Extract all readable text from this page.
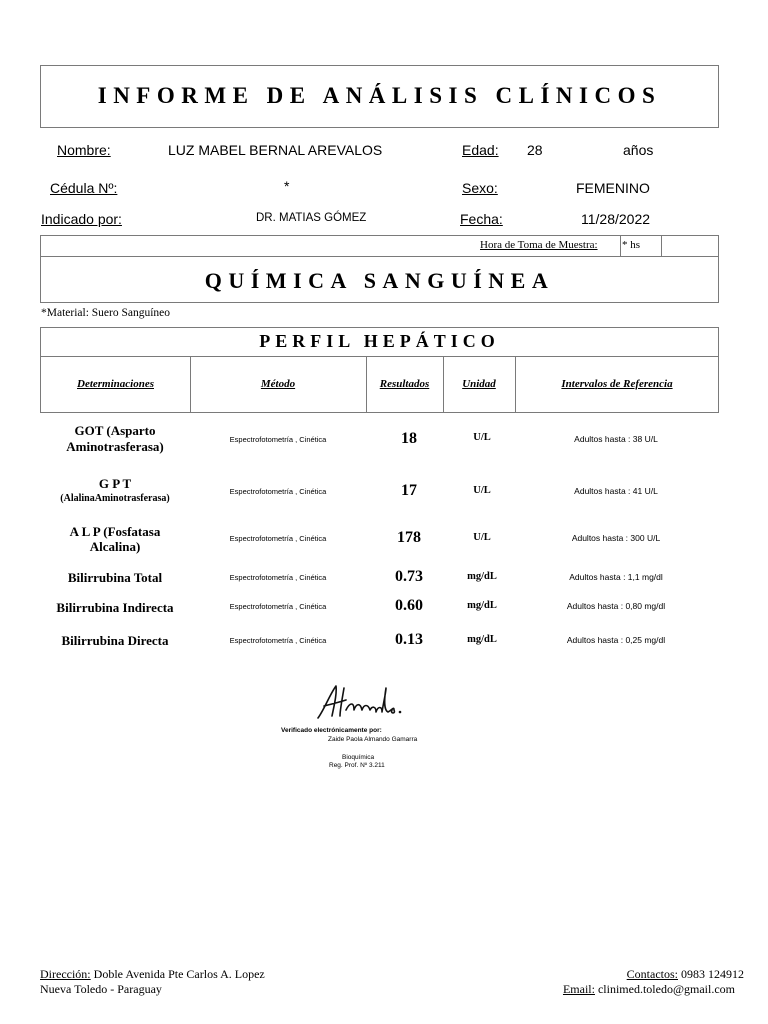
INFORME DE ANÁLISIS CLÍNICOS
Nombre:	LUZ MABEL BERNAL AREVALOS	Edad: 28	años
Cédula Nº:	*	Sexo:	FEMENINO
Indicado por:	DR. MATIAS GÓMEZ	Fecha:	11/28/2022
Hora de Toma de Muestra: * hs
QUÍMICA SANGUÍNEA
*Material: Suero Sanguíneo
PERFIL HEPÁTICO
Determinaciones	Método	Resultados	Unidad	Intervalos de Referencia
GOT (Asparto
Aminotrasferasa)	Espectrofotometría , Cinética	18	U/L	Adultos hasta : 38 U/L
G P T
(AlalinaAminotrasferasa)
Espectrofotometría , Cinética	17	U/L	Adultos hasta : 41 U/L
A L P (Fosfatasa
Alcalina)
Espectrofotometría , Cinética	178	U/L	Adultos hasta : 300 U/L
Bilirrubina Total	Espectrofotometría , Cinética	0.73	mg/dL	Adultos hasta : 1,1 mg/dl
Bilirrubina Indirecta	Espectrofotometría , Cinética	0.60	mg/dL	Adultos hasta : 0,80 mg/dl
Bilirrubina Directa	Espectrofotometría , Cinética	0.13	mg/dL	Adultos hasta : 0,25 mg/dl
Verificado electrónicamente por:
Zaide Paola Almando Gamarra
Bioquímica
Reg. Prof. Nº 3.211
Dirección: Doble Avenida Pte Carlos A. Lopez
Nueva Toledo - Paraguay
Contactos: 0983 124912
Email: clinimed.toledo@gmail.com
